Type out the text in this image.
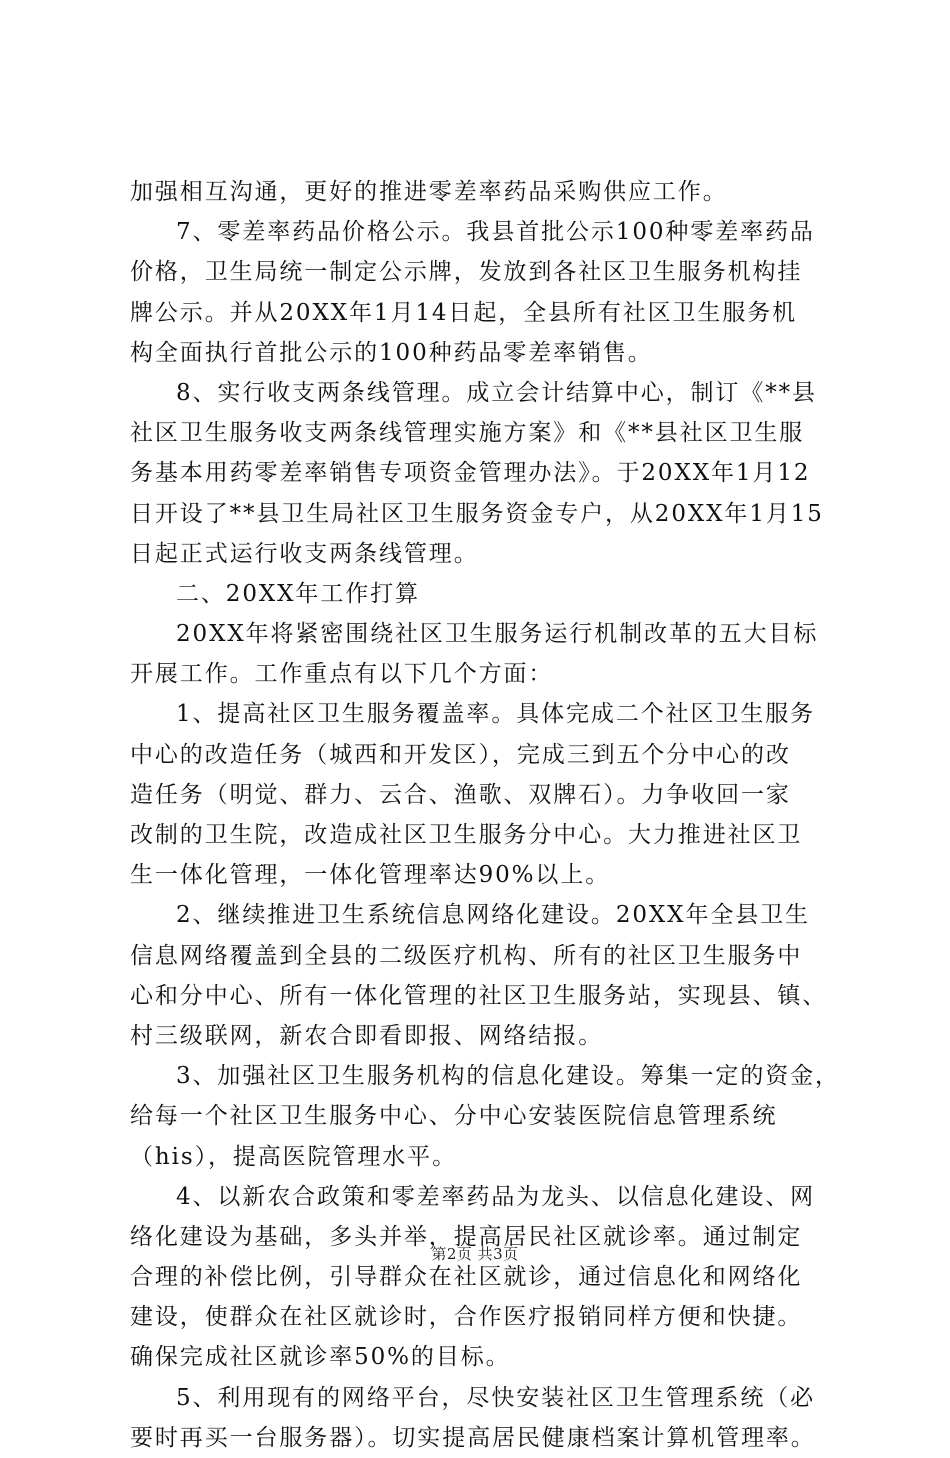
加强相互沟通，更好的推进零差率药品采购供应工作。
7、零差率药品价格公示。我县首批公示100种零差率药品
价格，卫生局统一制定公示牌，发放到各社区卫生服务机构挂
牌公示。并从20XX年1月14日起，全县所有社区卫生服务机
构全面执行首批公示的100种药品零差率销售。
8、实行收支两条线管理。成立会计结算中心，制订《**县
社区卫生服务收支两条线管理实施方案》和《**县社区卫生服
务基本用药零差率销售专项资金管理办法》。于20XX年1月12
日开设了**县卫生局社区卫生服务资金专户，从20XX年1月15
日起正式运行收支两条线管理。
二、20XX年工作打算
20XX年将紧密围绕社区卫生服务运行机制改革的五大目标
开展工作。工作重点有以下几个方面：
1、提高社区卫生服务覆盖率。具体完成二个社区卫生服务
中心的改造任务（城西和开发区），完成三到五个分中心的改
造任务（明觉、群力、云合、渔歌、双牌石）。力争收回一家
改制的卫生院，改造成社区卫生服务分中心。大力推进社区卫
生一体化管理，一体化管理率达90%以上。
2、继续推进卫生系统信息网络化建设。20XX年全县卫生
信息网络覆盖到全县的二级医疗机构、所有的社区卫生服务中
心和分中心、所有一体化管理的社区卫生服务站，实现县、镇、
村三级联网，新农合即看即报、网络结报。
3、加强社区卫生服务机构的信息化建设。筹集一定的资金，
给每一个社区卫生服务中心、分中心安装医院信息管理系统
（his），提高医院管理水平。
4、以新农合政策和零差率药品为龙头、以信息化建设、网
络化建设为基础，多头并举，提高居民社区就诊率。通过制定
合理的补偿比例，引导群众在社区就诊，通过信息化和网络化
建设，使群众在社区就诊时，合作医疗报销同样方便和快捷。
确保完成社区就诊率50%的目标。
5、利用现有的网络平台，尽快安装社区卫生管理系统（必
要时再买一台服务器）。切实提高居民健康档案计算机管理率。
第2页 共3页
